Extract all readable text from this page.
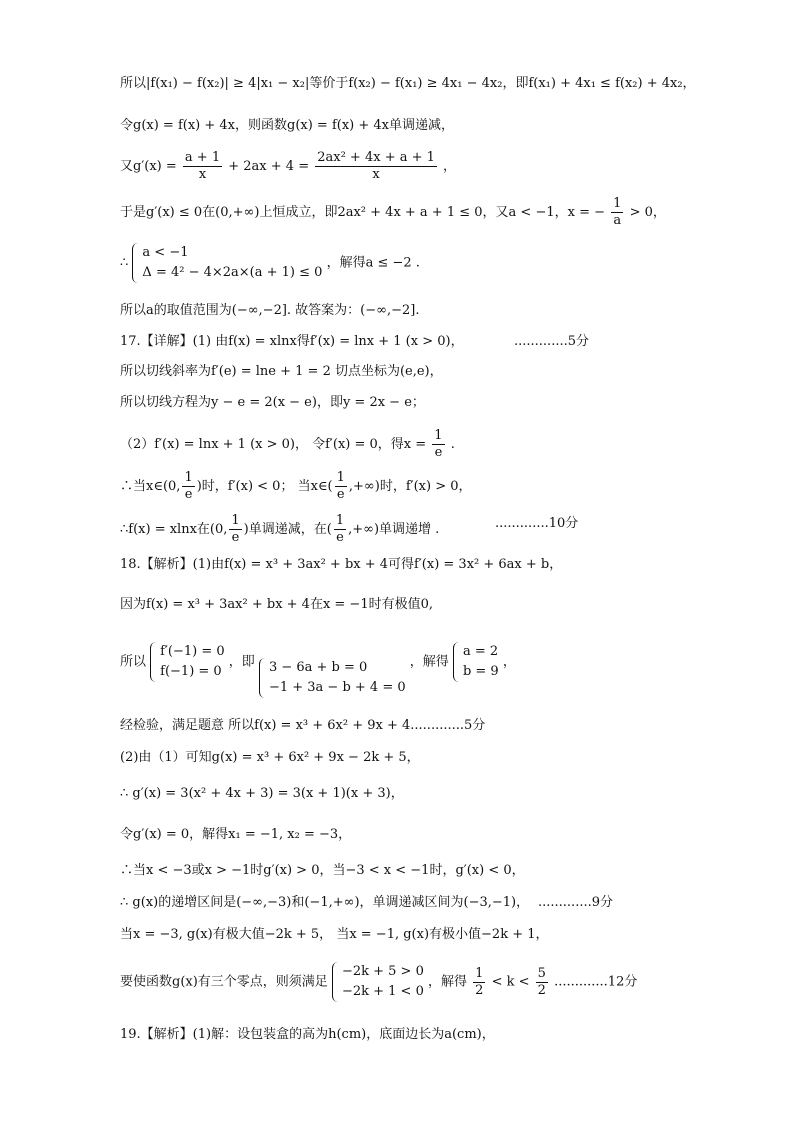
所以|f(x₁) − f(x₂)| ≥ 4|x₁ − x₂|等价于f(x₂) − f(x₁) ≥ 4x₁ − 4x₂，即f(x₁) + 4x₁ ≤ f(x₂) + 4x₂，
令g(x) = f(x) + 4x，则函数g(x) = f(x) + 4x单调递减，
又$g'(x) = \frac{a + 1}{x} + 2ax + 4 = \frac{\text{2ax² + 4x + a + 1}}{x}$ ，
于是g′(x) ≤ 0在(0,+∞)上恒成立，即2ax² + 4x + a + 1 ≤ 0，又a < −1，x = − $\frac{1}{a} > 0$，
∴
a < −1
Δ = 4² − 4×2a×(a + 1) ≤ 0
，解得a ≤ −2 .
所以a的取值范围为(−∞,−2]. 故答案为：(−∞,−2].
17.【详解】(1) 由f(x) = xlnx得f′(x) = lnx + 1 (x > 0)，	.............5分
所以切线斜率为f′(e) = lne + 1 = 2 切点坐标为(e,e)，
所以切线方程为y − e = 2(x − e)，即y = 2x − e；
（2）f′(x) = lnx + 1 (x > 0)， 令f′(x) = 0，得$x = \frac{1}{e}$ .
∴当x∈(0, $\frac{1}{e}$ )时，f′(x) < 0； 当x∈( $\frac{1}{e}$ ,+∞)时，f′(x) > 0，
∴f(x) = xlnx在(0, $\frac{1}{e}$ )单调递减，在( $\frac{1}{e}$ ,+∞)单调递增 .	.............10分
18.【解析】(1)由f(x) = x³ + 3ax² + bx + 4可得f′(x) = 3x² + 6ax + b，
因为f(x) = x³ + 3ax² + bx + 4在x = −1时有极值0,
所以
f′(−1) = 0
f(−1) = 0
，即 3 − 6a + b = 0
−1 + 3a − b + 4 = 0
，解得
a = 2
b = 9
，
经检验，满足题意 所以f(x) = x³ + 6x² + 9x + 4.............5分
(2)由（1）可知g(x) = x³ + 6x² + 9x − 2k + 5，
∴ g′(x) = 3(x² + 4x + 3) = 3(x + 1)(x + 3)，
令g′(x) = 0，解得x₁ = −1, x₂ = −3，
∴当x < −3或x > −1时g′(x) > 0，当−3 < x < −1时，g′(x) < 0，
∴ g(x)的递增区间是(−∞,−3)和(−1,+∞)，单调递减区间为(−3,−1)， .............9分
当x = −3, g(x)有极大值−2k + 5， 当x = −1, g(x)有极小值−2k + 1，
要使函数g(x)有三个零点，则须满足
−2k + 5 > 0
−2k + 1 < 0
，解得 $\frac{1}{2} < k < \frac{5}{2} .............12$分
19.【解析】(1)解：设包装盒的高为h(cm)，底面边长为a(cm)，
